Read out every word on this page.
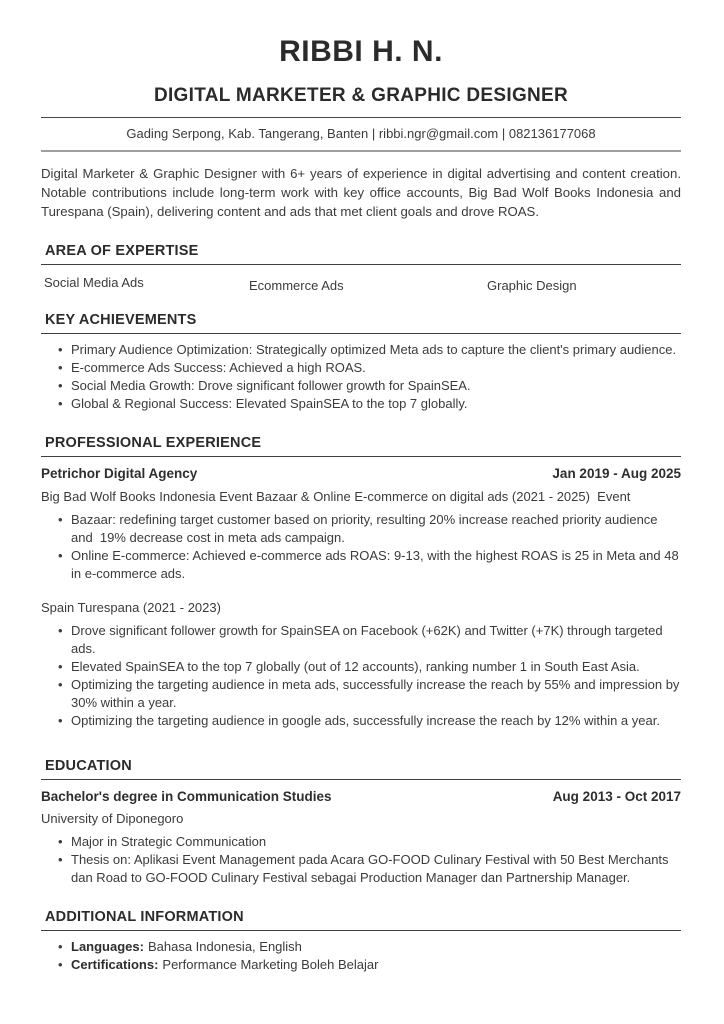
RIBBI H. N.
DIGITAL MARKETER & GRAPHIC DESIGNER
Gading Serpong, Kab. Tangerang, Banten | ribbi.ngr@gmail.com | 082136177068

Digital Marketer & Graphic Designer with 6+ years of experience in digital advertising and content creation. Notable contributions include long-term work with key office accounts, Big Bad Wolf Books Indonesia and Turespana (Spain), delivering content and ads that met client goals and drove ROAS.

AREA OF EXPERTISE
Social Media Ads	Ecommerce Ads	Graphic Design
KEY ACHIEVEMENTS
• Primary Audience Optimization: Strategically optimized Meta ads to capture the client's primary audience.
• E-commerce Ads Success: Achieved a high ROAS.
• Social Media Growth: Drove significant follower growth for SpainSEA.
• Global & Regional Success: Elevated SpainSEA to the top 7 globally.
PROFESSIONAL EXPERIENCE
Petrichor Digital Agency	Jan 2019 - Aug 2025
Big Bad Wolf Books Indonesia Event Bazaar & Online E-commerce on digital ads (2021 - 2025)  Event
• Bazaar: redefining target customer based on priority, resulting 20% increase reached priority audience and  19% decrease cost in meta ads campaign.
• Online E-commerce: Achieved e-commerce ads ROAS: 9-13, with the highest ROAS is 25 in Meta and 48 in e-commerce ads.
Spain Turespana (2021 - 2023)
• Drove significant follower growth for SpainSEA on Facebook (+62K) and Twitter (+7K) through targeted ads.
• Elevated SpainSEA to the top 7 globally (out of 12 accounts), ranking number 1 in South East Asia.
• Optimizing the targeting audience in meta ads, successfully increase the reach by 55% and impression by 30% within a year.
• Optimizing the targeting audience in google ads, successfully increase the reach by 12% within a year.
EDUCATION
Bachelor's degree in Communication Studies	Aug 2013 - Oct 2017
University of Diponegoro
• Major in Strategic Communication
• Thesis on: Aplikasi Event Management pada Acara GO-FOOD Culinary Festival with 50 Best Merchants dan Road to GO-FOOD Culinary Festival sebagai Production Manager dan Partnership Manager.
ADDITIONAL INFORMATION
• Languages: Bahasa Indonesia, English
• Certifications: Performance Marketing Boleh Belajar
